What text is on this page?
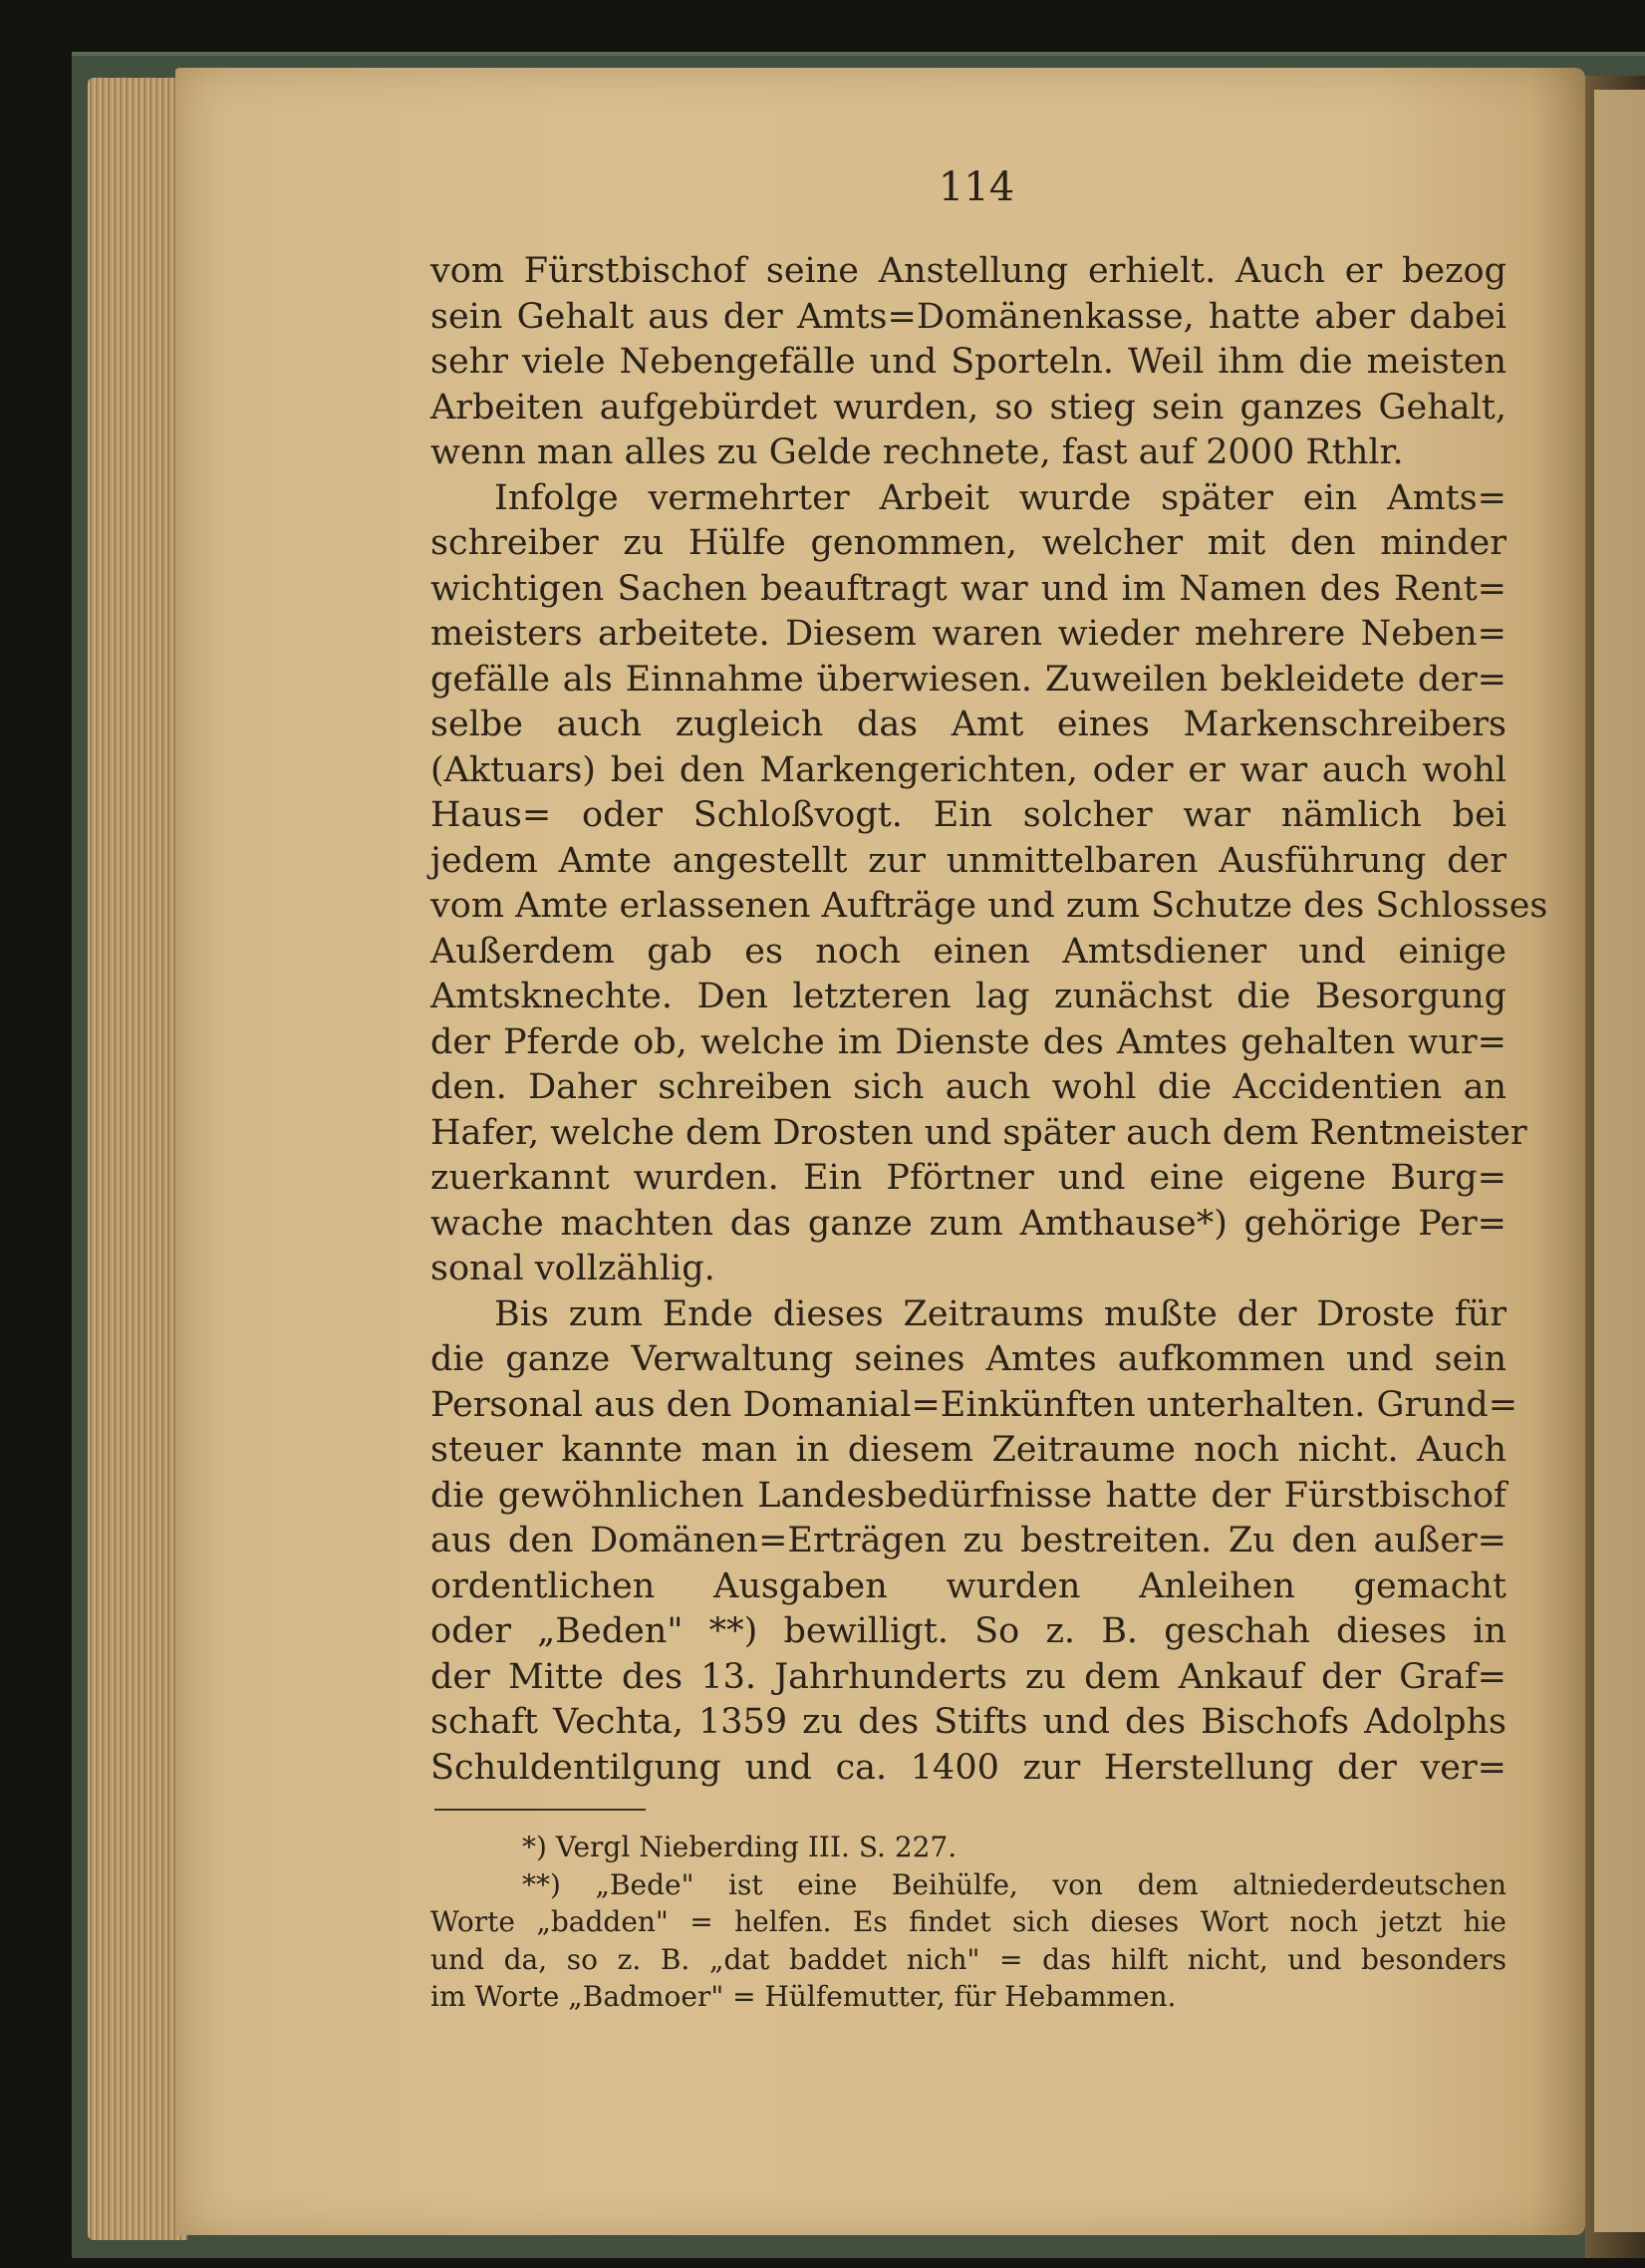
114
vom Fürstbischof seine Anstellung erhielt. Auch er bezog
sein Gehalt aus der Amts=Domänenkasse, hatte aber dabei
sehr viele Nebengefälle und Sporteln. Weil ihm die meisten
Arbeiten aufgebürdet wurden, so stieg sein ganzes Gehalt,
wenn man alles zu Gelde rechnete, fast auf 2000 Rthlr.
Infolge vermehrter Arbeit wurde später ein Amts=
schreiber zu Hülfe genommen, welcher mit den minder
wichtigen Sachen beauftragt war und im Namen des Rent=
meisters arbeitete. Diesem waren wieder mehrere Neben=
gefälle als Einnahme überwiesen. Zuweilen bekleidete der=
selbe auch zugleich das Amt eines Markenschreibers
(Aktuars) bei den Markengerichten, oder er war auch wohl
Haus= oder Schloßvogt. Ein solcher war nämlich bei
jedem Amte angestellt zur unmittelbaren Ausführung der
vom Amte erlassenen Aufträge und zum Schutze des Schlosses
Außerdem gab es noch einen Amtsdiener und einige
Amtsknechte. Den letzteren lag zunächst die Besorgung
der Pferde ob, welche im Dienste des Amtes gehalten wur=
den. Daher schreiben sich auch wohl die Accidentien an
Hafer, welche dem Drosten und später auch dem Rentmeister
zuerkannt wurden. Ein Pförtner und eine eigene Burg=
wache machten das ganze zum Amthause*) gehörige Per=
sonal vollzählig.
Bis zum Ende dieses Zeitraums mußte der Droste für
die ganze Verwaltung seines Amtes aufkommen und sein
Personal aus den Domanial=Einkünften unterhalten. Grund=
steuer kannte man in diesem Zeitraume noch nicht. Auch
die gewöhnlichen Landesbedürfnisse hatte der Fürstbischof
aus den Domänen=Erträgen zu bestreiten. Zu den außer=
ordentlichen Ausgaben wurden Anleihen gemacht
oder „Beden" **) bewilligt. So z. B. geschah dieses in
der Mitte des 13. Jahrhunderts zu dem Ankauf der Graf=
schaft Vechta, 1359 zu des Stifts und des Bischofs Adolphs
Schuldentilgung und ca. 1400 zur Herstellung der ver=
*) Vergl Nieberding III. S. 227.
**) „Bede" ist eine Beihülfe, von dem altniederdeutschen
Worte „badden" = helfen. Es findet sich dieses Wort noch jetzt hie
und da, so z. B. „dat baddet nich" = das hilft nicht, und besonders
im Worte „Badmoer" = Hülfemutter, für Hebammen.
